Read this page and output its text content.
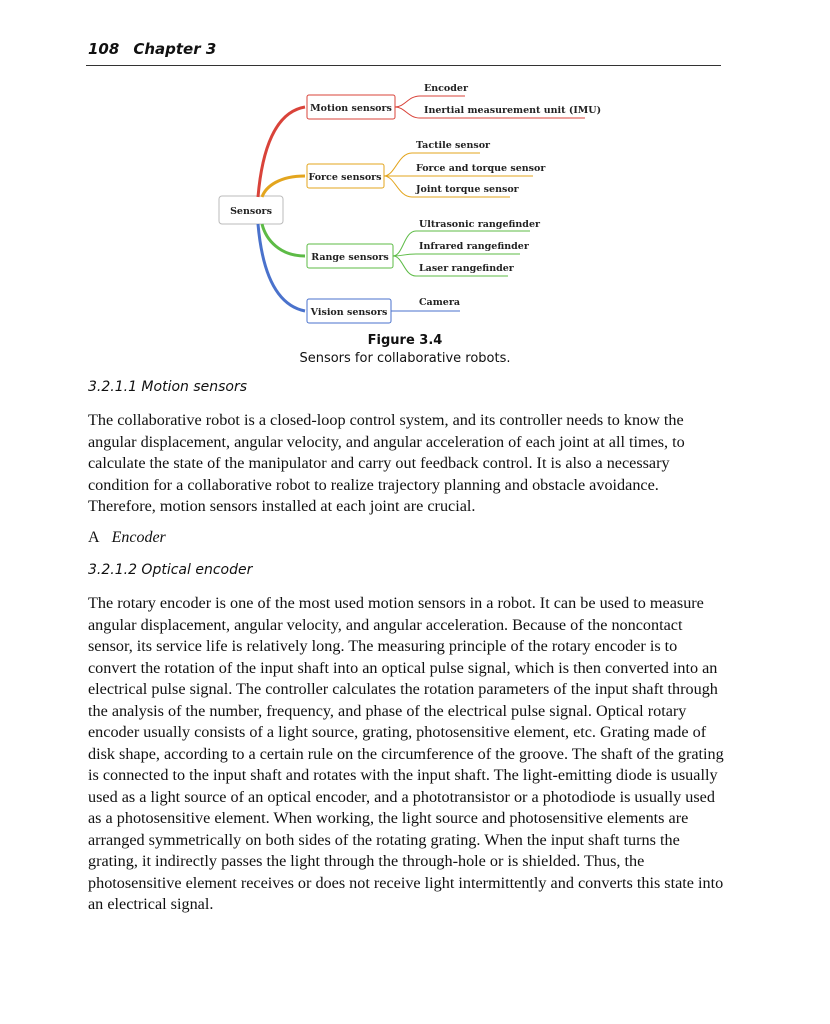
108 Chapter 3
Sensors
Motion sensors
Encoder
Inertial measurement unit (IMU)
Force sensors
Tactile sensor
Force and torque sensor
Joint torque sensor
Range sensors
Ultrasonic rangefinder
Infrared rangefinder
Laser rangefinder
Vision sensors
Camera
Figure 3.4
Sensors for collaborative robots.
3.2.1.1 Motion sensors

The collaborative robot is a closed-loop control system, and its controller needs to know the angular displacement, angular velocity, and angular acceleration of each joint at all times, to calculate the state of the manipulator and carry out feedback control. It is also a necessary condition for a collaborative robot to realize trajectory planning and obstacle avoidance. Therefore, motion sensors installed at each joint are crucial.

A Encoder
3.2.1.2 Optical encoder

The rotary encoder is one of the most used motion sensors in a robot. It can be used to measure angular displacement, angular velocity, and angular acceleration. Because of the noncontact sensor, its service life is relatively long. The measuring principle of the rotary encoder is to convert the rotation of the input shaft into an optical pulse signal, which is then converted into an electrical pulse signal. The controller calculates the rotation parameters of the input shaft through the analysis of the number, frequency, and phase of the electrical pulse signal. Optical rotary encoder usually consists of a light source, grating, photosensitive element, etc. Grating made of disk shape, according to a certain rule on the circumference of the groove. The shaft of the grating is connected to the input shaft and rotates with the input shaft. The light-emitting diode is usually used as a light source of an optical encoder, and a phototransistor or a photodiode is usually used as a photosensitive element. When working, the light source and photosensitive elements are arranged symmetrically on both sides of the rotating grating. When the input shaft turns the grating, it indirectly passes the light through the through-hole or is shielded. Thus, the photosensitive element receives or does not receive light intermittently and converts this state into an electrical signal.
